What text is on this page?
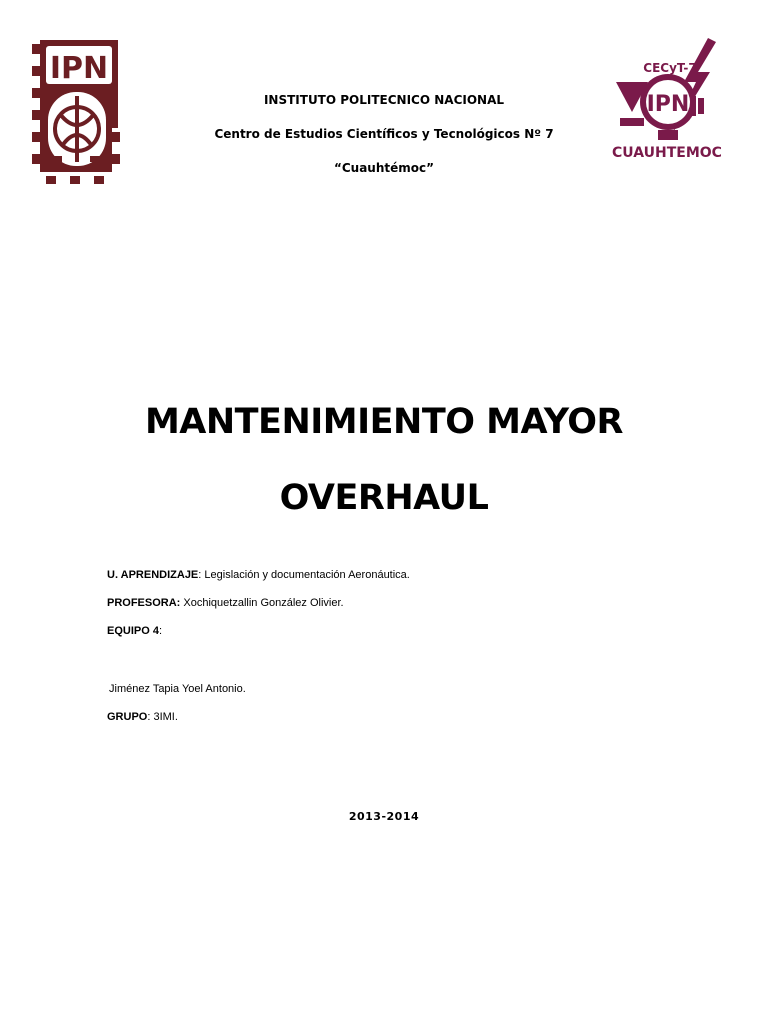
IPN
IPN
CECyT-7
CUAUHTEMOC
INSTITUTO POLITECNICO NACIONAL
Centro de Estudios Científicos y Tecnológicos Nº 7
“Cuauhtémoc”
MANTENIMIENTO MAYOR
OVERHAUL
U. APRENDIZAJE: Legislación y documentación Aeronáutica.
PROFESORA: Xochiquetzallin González Olivier.
EQUIPO 4:
Jiménez Tapia Yoel Antonio.
GRUPO: 3IMI.
2013-2014
